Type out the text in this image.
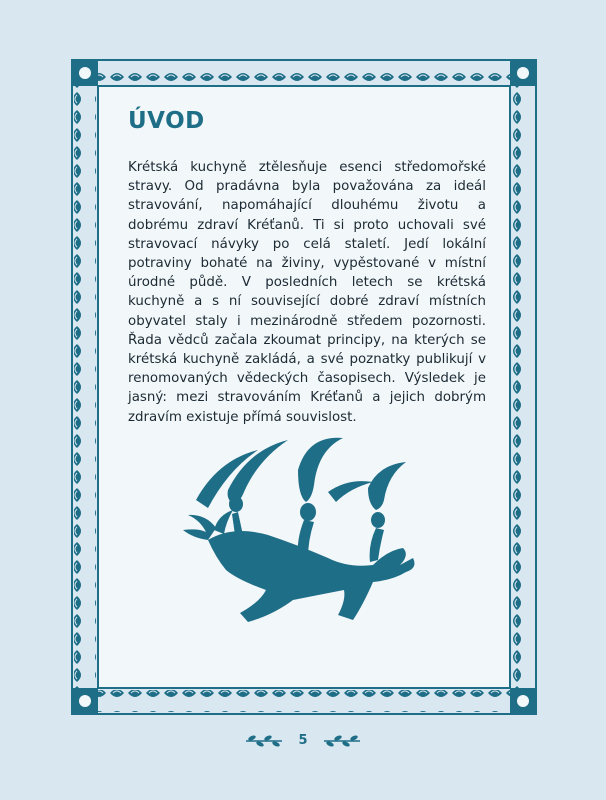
ÚVOD

Krétská kuchyně ztělesňuje esenci středomořské stravy. Od pradávna byla považována za ideál stravování, napomáhající dlouhému životu a dobrému zdraví Kréťanů. Ti si proto uchovali své stravovací návyky po celá staletí. Jedí lokální potraviny bohaté na živiny, vypěstované v místní úrodné půdě. V posledních letech se krétská kuchyně a s ní související dobré zdraví místních obyvatel staly i mezinárodně středem pozornosti. Řada vědců začala zkoumat principy, na kterých se krétská kuchyně zakládá, a své poznatky publikují v renomovaných vědeckých časopisech. Výsledek je jasný: mezi stravováním Kréťanů a jejich dobrým zdravím existuje přímá souvislost.

5
